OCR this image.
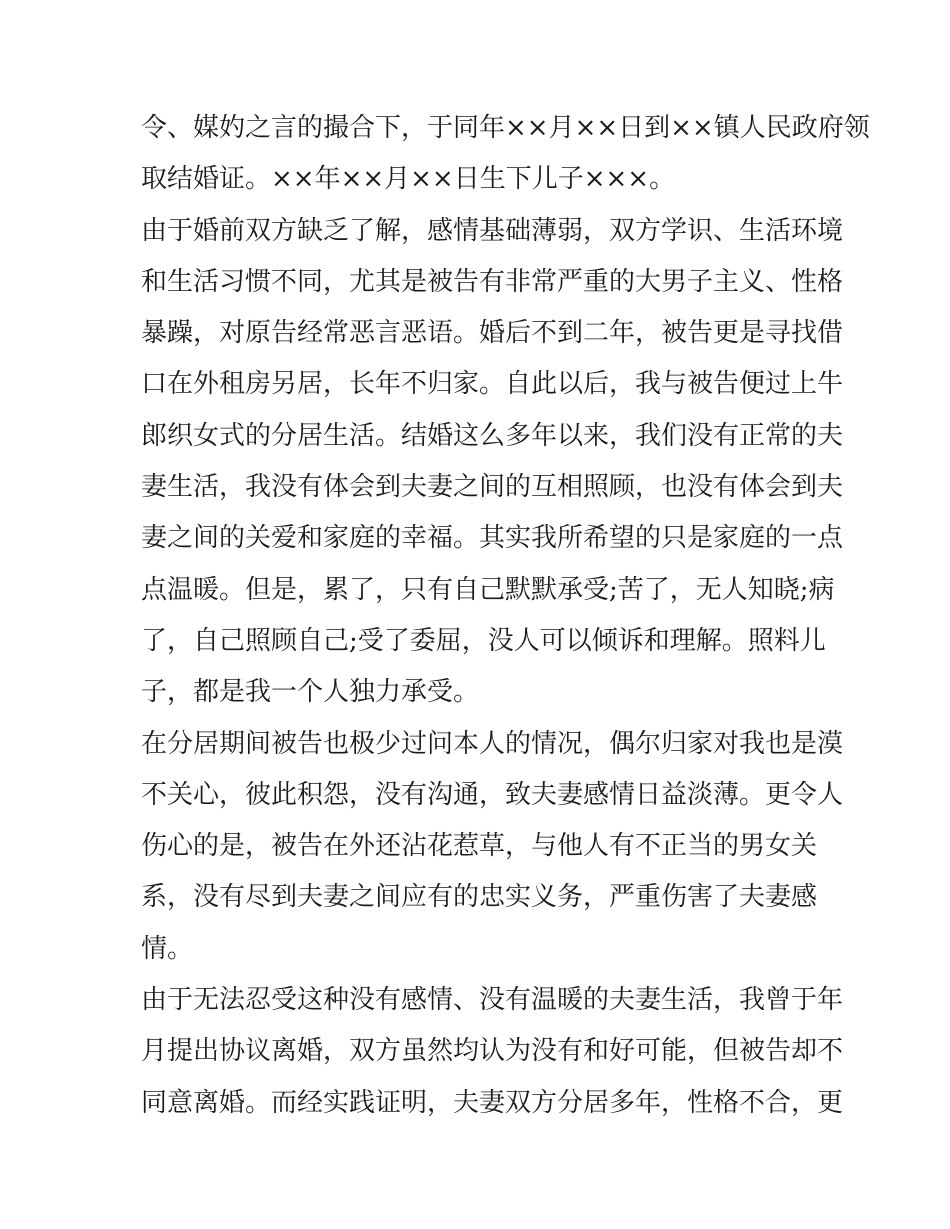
令、媒妁之言的撮合下，于同年××月××日到××镇人民政府领
取结婚证。××年××月××日生下儿子×××。
由于婚前双方缺乏了解，感情基础薄弱，双方学识、生活环境
和生活习惯不同，尤其是被告有非常严重的大男子主义、性格
暴躁，对原告经常恶言恶语。婚后不到二年，被告更是寻找借
口在外租房另居，长年不归家。自此以后，我与被告便过上牛
郎织女式的分居生活。结婚这么多年以来，我们没有正常的夫
妻生活，我没有体会到夫妻之间的互相照顾，也没有体会到夫
妻之间的关爱和家庭的幸福。其实我所希望的只是家庭的一点
点温暖。但是，累了，只有自己默默承受;苦了，无人知晓;病
了，自己照顾自己;受了委屈，没人可以倾诉和理解。照料儿
子，都是我一个人独力承受。
在分居期间被告也极少过问本人的情况，偶尔归家对我也是漠
不关心，彼此积怨，没有沟通，致夫妻感情日益淡薄。更令人
伤心的是，被告在外还沾花惹草，与他人有不正当的男女关
系，没有尽到夫妻之间应有的忠实义务，严重伤害了夫妻感
情。
由于无法忍受这种没有感情、没有温暖的夫妻生活，我曾于年
月提出协议离婚，双方虽然均认为没有和好可能，但被告却不
同意离婚。而经实践证明，夫妻双方分居多年，性格不合，更
